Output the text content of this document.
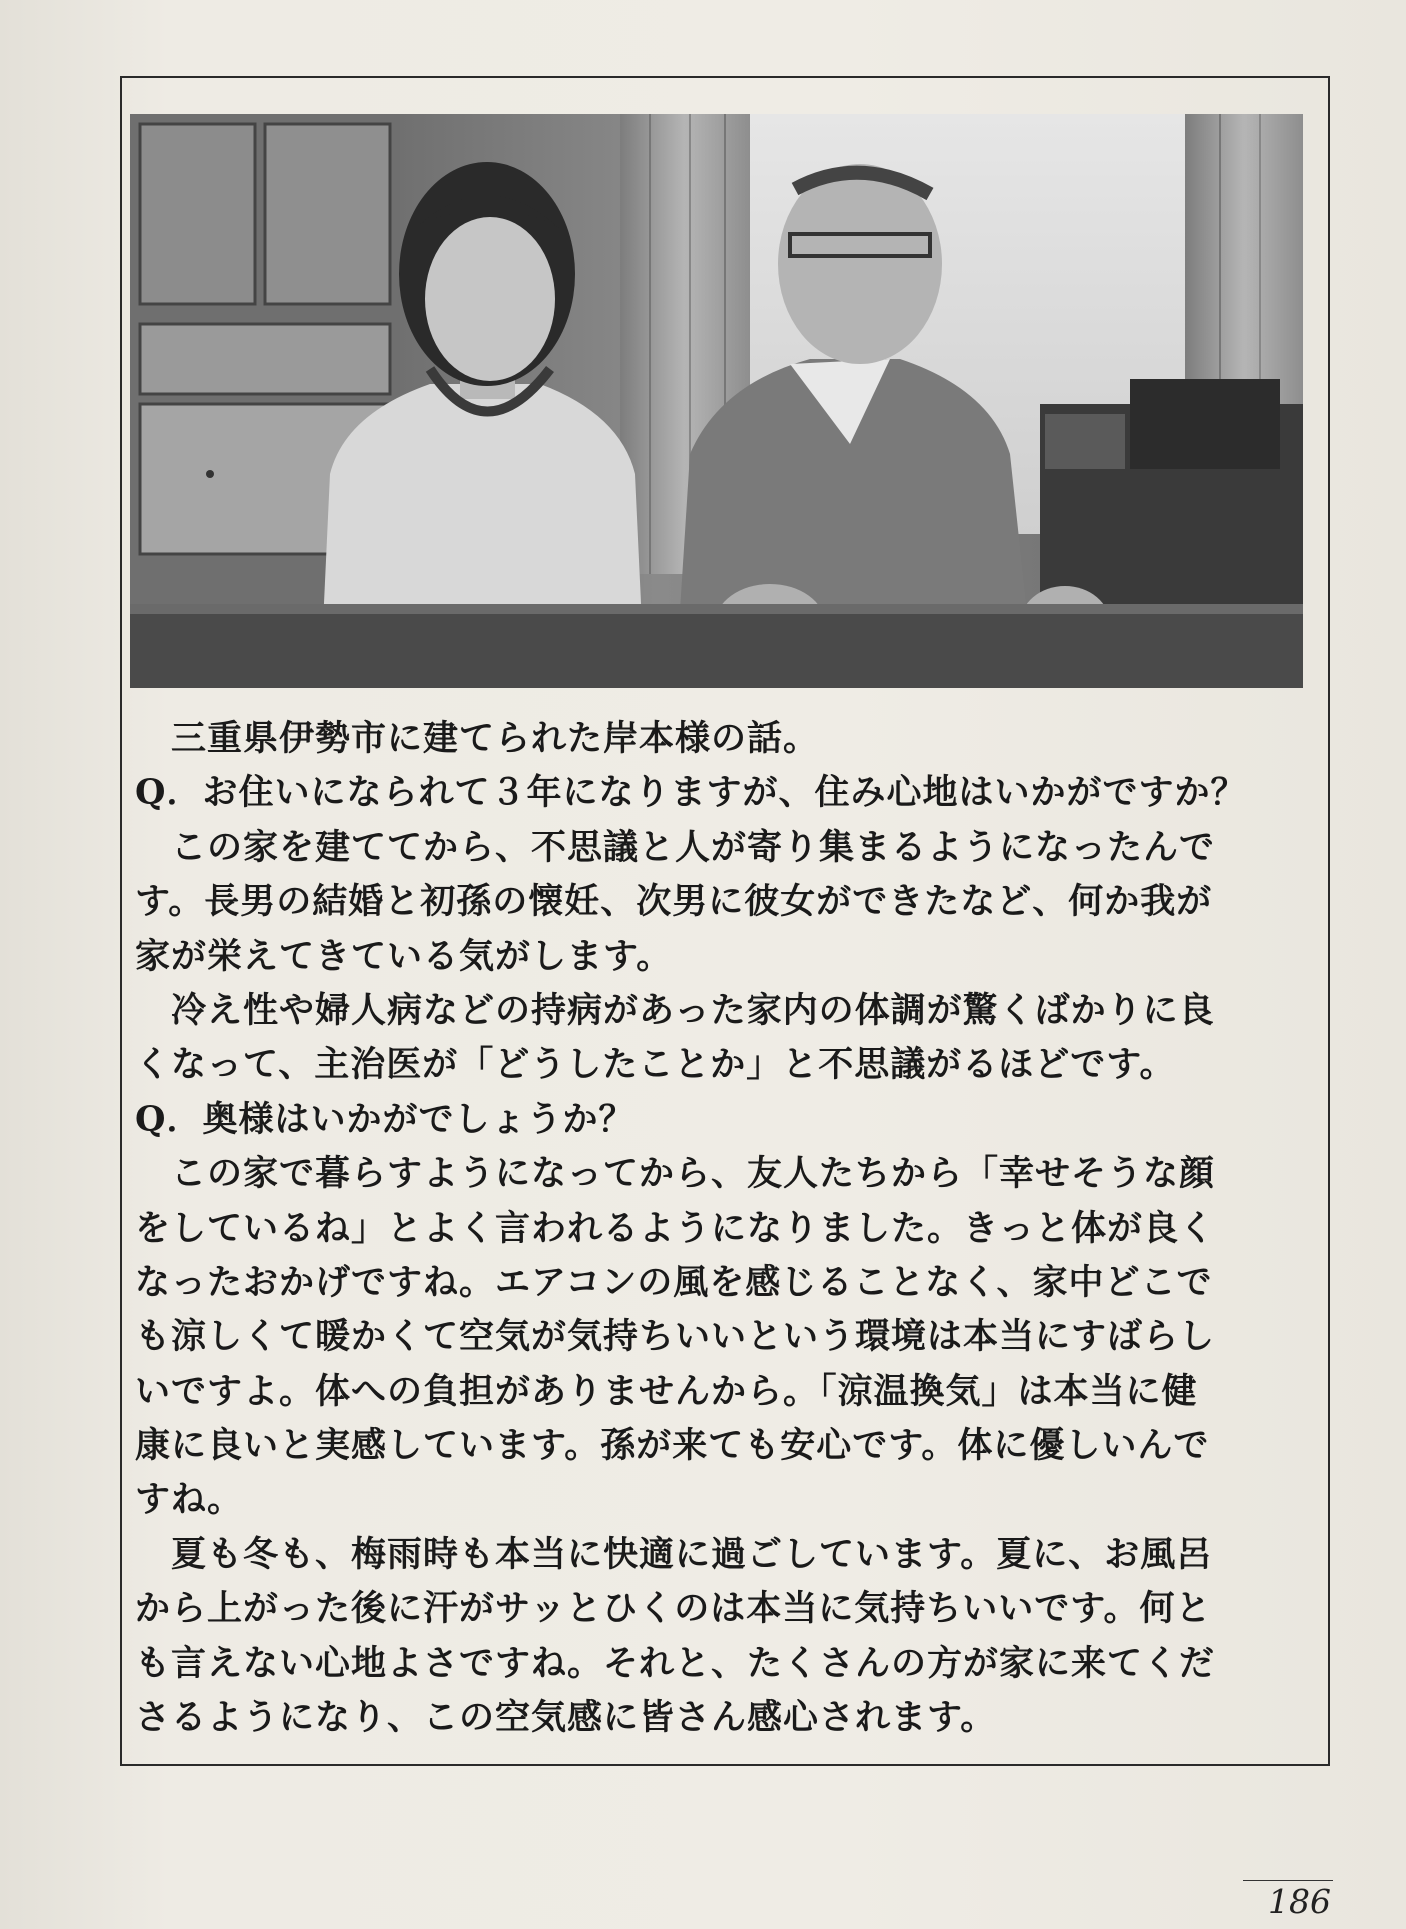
三重県伊勢市に建てられた岸本様の話。
Q．お住いになられて３年になりますが、住み心地はいかがですか？
この家を建ててから、不思議と人が寄り集まるようになったんで
す。長男の結婚と初孫の懐妊、次男に彼女ができたなど、何か我が
家が栄えてきている気がします。
冷え性や婦人病などの持病があった家内の体調が驚くばかりに良
くなって、主治医が「どうしたことか」と不思議がるほどです。
Q．奥様はいかがでしょうか？
この家で暮らすようになってから、友人たちから「幸せそうな顔
をしているね」とよく言われるようになりました。きっと体が良く
なったおかげですね。エアコンの風を感じることなく、家中どこで
も涼しくて暖かくて空気が気持ちいいという環境は本当にすばらし
いですよ。体への負担がありませんから。「涼温換気」は本当に健
康に良いと実感しています。孫が来ても安心です。体に優しいんで
すね。
夏も冬も、梅雨時も本当に快適に過ごしています。夏に、お風呂
から上がった後に汗がサッとひくのは本当に気持ちいいです。何と
も言えない心地よさですね。それと、たくさんの方が家に来てくだ
さるようになり、この空気感に皆さん感心されます。
186
